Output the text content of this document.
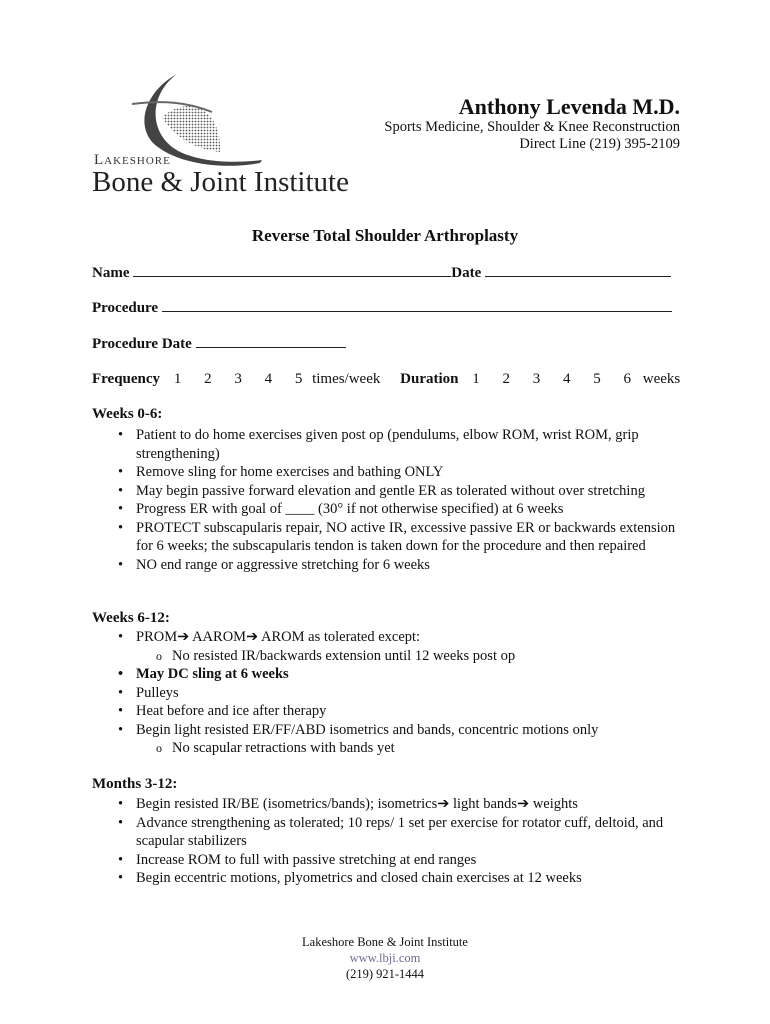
Lakeshore
Bone & Joint Institute
Anthony Levenda M.D.
Sports Medicine, Shoulder & Knee Reconstruction
Direct Line (219) 395-2109
Reverse Total Shoulder Arthroplasty
Name	Date
Procedure
Procedure Date
Frequency 1 2 3 4 5 times/week Duration 1 2 3 4 5 6 weeks
Weeks 0-6:
• Patient to do home exercises given post op (pendulums, elbow ROM, wrist ROM, grip strengthening)
• Remove sling for home exercises and bathing ONLY
• May begin passive forward elevation and gentle ER as tolerated without over stretching
• Progress ER with goal of ____ (30° if not otherwise specified) at 6 weeks
• PROTECT subscapularis repair, NO active IR, excessive passive ER or backwards extension for 6 weeks; the subscapularis tendon is taken down for the procedure and then repaired
• NO end range or aggressive stretching for 6 weeks
Weeks 6-12:
• PROM➔ AAROM➔ AROM as tolerated except:
o No resisted IR/backwards extension until 12 weeks post op
• May DC sling at 6 weeks
• Pulleys
• Heat before and ice after therapy
• Begin light resisted ER/FF/ABD isometrics and bands, concentric motions only
o No scapular retractions with bands yet
Months 3-12:
• Begin resisted IR/BE (isometrics/bands); isometrics➔ light bands➔ weights
• Advance strengthening as tolerated; 10 reps/ 1 set per exercise for rotator cuff, deltoid, and scapular stabilizers
• Increase ROM to full with passive stretching at end ranges
• Begin eccentric motions, plyometrics and closed chain exercises at 12 weeks
Lakeshore Bone & Joint Institute
www.lbji.com
(219) 921-1444
